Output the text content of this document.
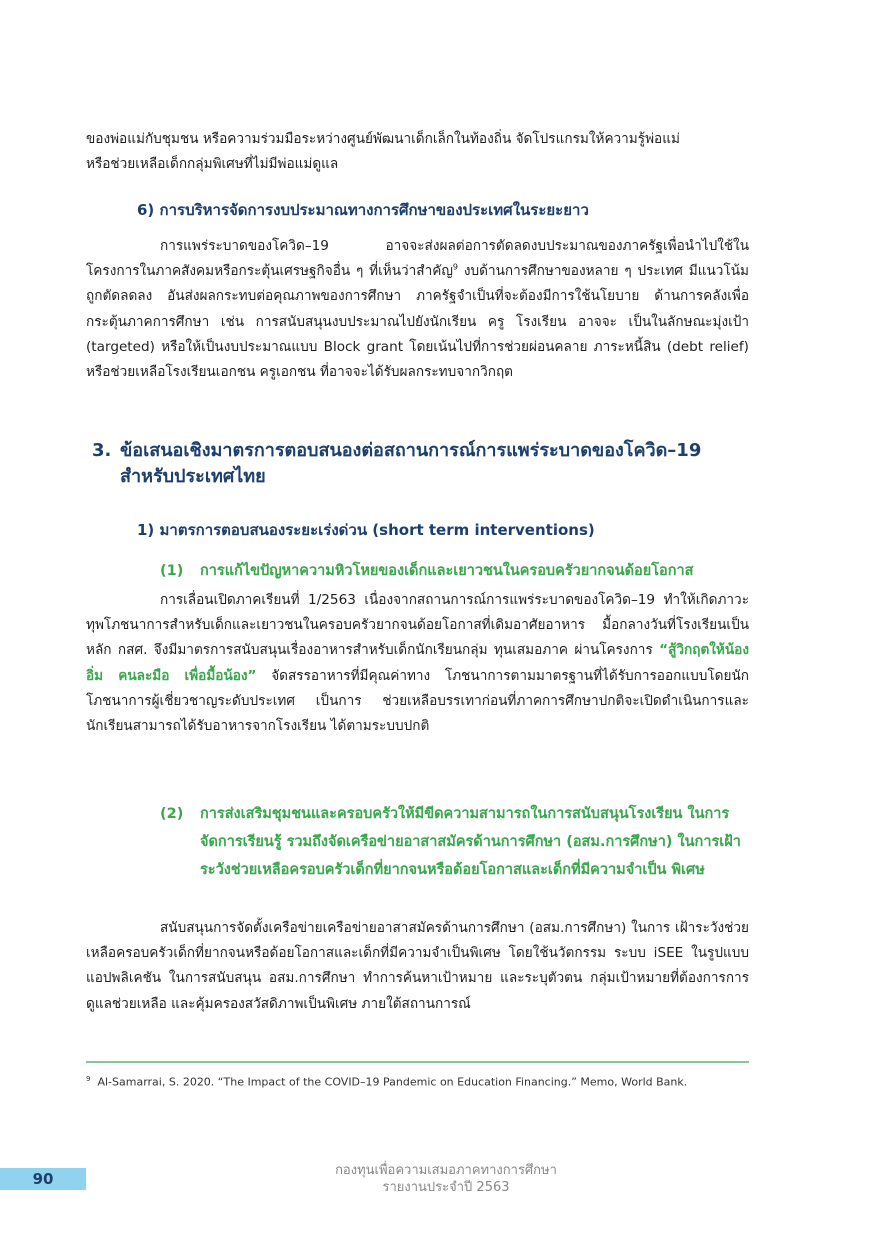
ของพ่อแม่กับชุมชน หรือความร่วมมือระหว่างศูนย์พัฒนาเด็กเล็กในท้องถิ่น จัดโปรแกรมให้ความรู้พ่อแม่
หรือช่วยเหลือเด็กกลุ่มพิเศษที่ไม่มีพ่อแม่ดูแล

6) การบริหารจัดการงบประมาณทางการศึกษาของประเทศในระยะยาว

การแพร่ระบาดของโควิด–19 อาจจะส่งผลต่อการตัดลดงบประมาณของภาครัฐเพื่อนำไปใช้ใน โครงการในภาคสังคมหรือกระตุ้นเศรษฐกิจอื่น ๆ ที่เห็นว่าสำคัญ$^9$ งบด้านการศึกษาของหลาย ๆ ประเทศ มีแนวโน้มถูกตัดลดลง อันส่งผลกระทบต่อคุณภาพของการศึกษา ภาครัฐจำเป็นที่จะต้องมีการใช้นโยบาย ด้านการคลังเพื่อกระตุ้นภาคการศึกษา เช่น การสนับสนุนงบประมาณไปยังนักเรียน ครู โรงเรียน อาจจะ เป็นในลักษณะมุ่งเป้า (targeted) หรือให้เป็นงบประมาณแบบ Block grant โดยเน้นไปที่การช่วยผ่อนคลาย ภาระหนี้สิน (debt relief) หรือช่วยเหลือโรงเรียนเอกชน ครูเอกชน ที่อาจจะได้รับผลกระทบจากวิกฤต

3. ข้อเสนอเชิงมาตรการตอบสนองต่อสถานการณ์การแพร่ระบาดของโควิด–19
สำหรับประเทศไทย

1) มาตรการตอบสนองระยะเร่งด่วน (short term interventions)

(1)	การแก้ไขปัญหาความหิวโหยของเด็กและเยาวชนในครอบครัวยากจนด้อยโอกาส

การเลื่อนเปิดภาคเรียนที่ 1/2563 เนื่องจากสถานการณ์การแพร่ระบาดของโควิด–19 ทำให้เกิดภาวะทุพโภชนาการสำหรับเด็กและเยาวชนในครอบครัวยากจนด้อยโอกาสที่เดิมอาศัยอาหาร มื้อกลางวันที่โรงเรียนเป็นหลัก กสศ. จึงมีมาตรการสนับสนุนเรื่องอาหารสำหรับเด็กนักเรียนกลุ่ม ทุนเสมอภาค ผ่านโครงการ “สู้วิกฤตให้น้องอิ่ม คนละมือ เพื่อมื้อน้อง” จัดสรรอาหารที่มีคุณค่าทาง โภชนาการตามมาตรฐานที่ได้รับการออกแบบโดยนักโภชนาการผู้เชี่ยวชาญระดับประเทศ เป็นการ ช่วยเหลือบรรเทาก่อนที่ภาคการศึกษาปกติจะเปิดดำเนินการและนักเรียนสามารถได้รับอาหารจากโรงเรียน ได้ตามระบบปกติ

(2)	การส่งเสริมชุมชนและครอบครัวให้มีขีดความสามารถในการสนับสนุนโรงเรียน ในการจัดการเรียนรู้ รวมถึงจัดเครือข่ายอาสาสมัครด้านการศึกษา (อสม.การศึกษา) ในการเฝ้าระวังช่วยเหลือครอบครัวเด็กที่ยากจนหรือด้อยโอกาสและเด็กที่มีความจำเป็น พิเศษ

สนับสนุนการจัดตั้งเครือข่ายเครือข่ายอาสาสมัครด้านการศึกษา (อสม.การศึกษา) ในการ เฝ้าระวังช่วยเหลือครอบครัวเด็กที่ยากจนหรือด้อยโอกาสและเด็กที่มีความจำเป็นพิเศษ โดยใช้นวัตกรรม ระบบ iSEE ในรูปแบบแอปพลิเคชัน ในการสนับสนุน อสม.การศึกษา ทำการค้นหาเป้าหมาย และระบุตัวตน กลุ่มเป้าหมายที่ต้องการการดูแลช่วยเหลือ และคุ้มครองสวัสดิภาพเป็นพิเศษ ภายใต้สถานการณ์

$^9$ Al-Samarrai, S. 2020. “The Impact of the COVID–19 Pandemic on Education Financing.” Memo, World Bank.
90	กองทุนเพื่อความเสมอภาคทางการศึกษา
รายงานประจำปี 2563
